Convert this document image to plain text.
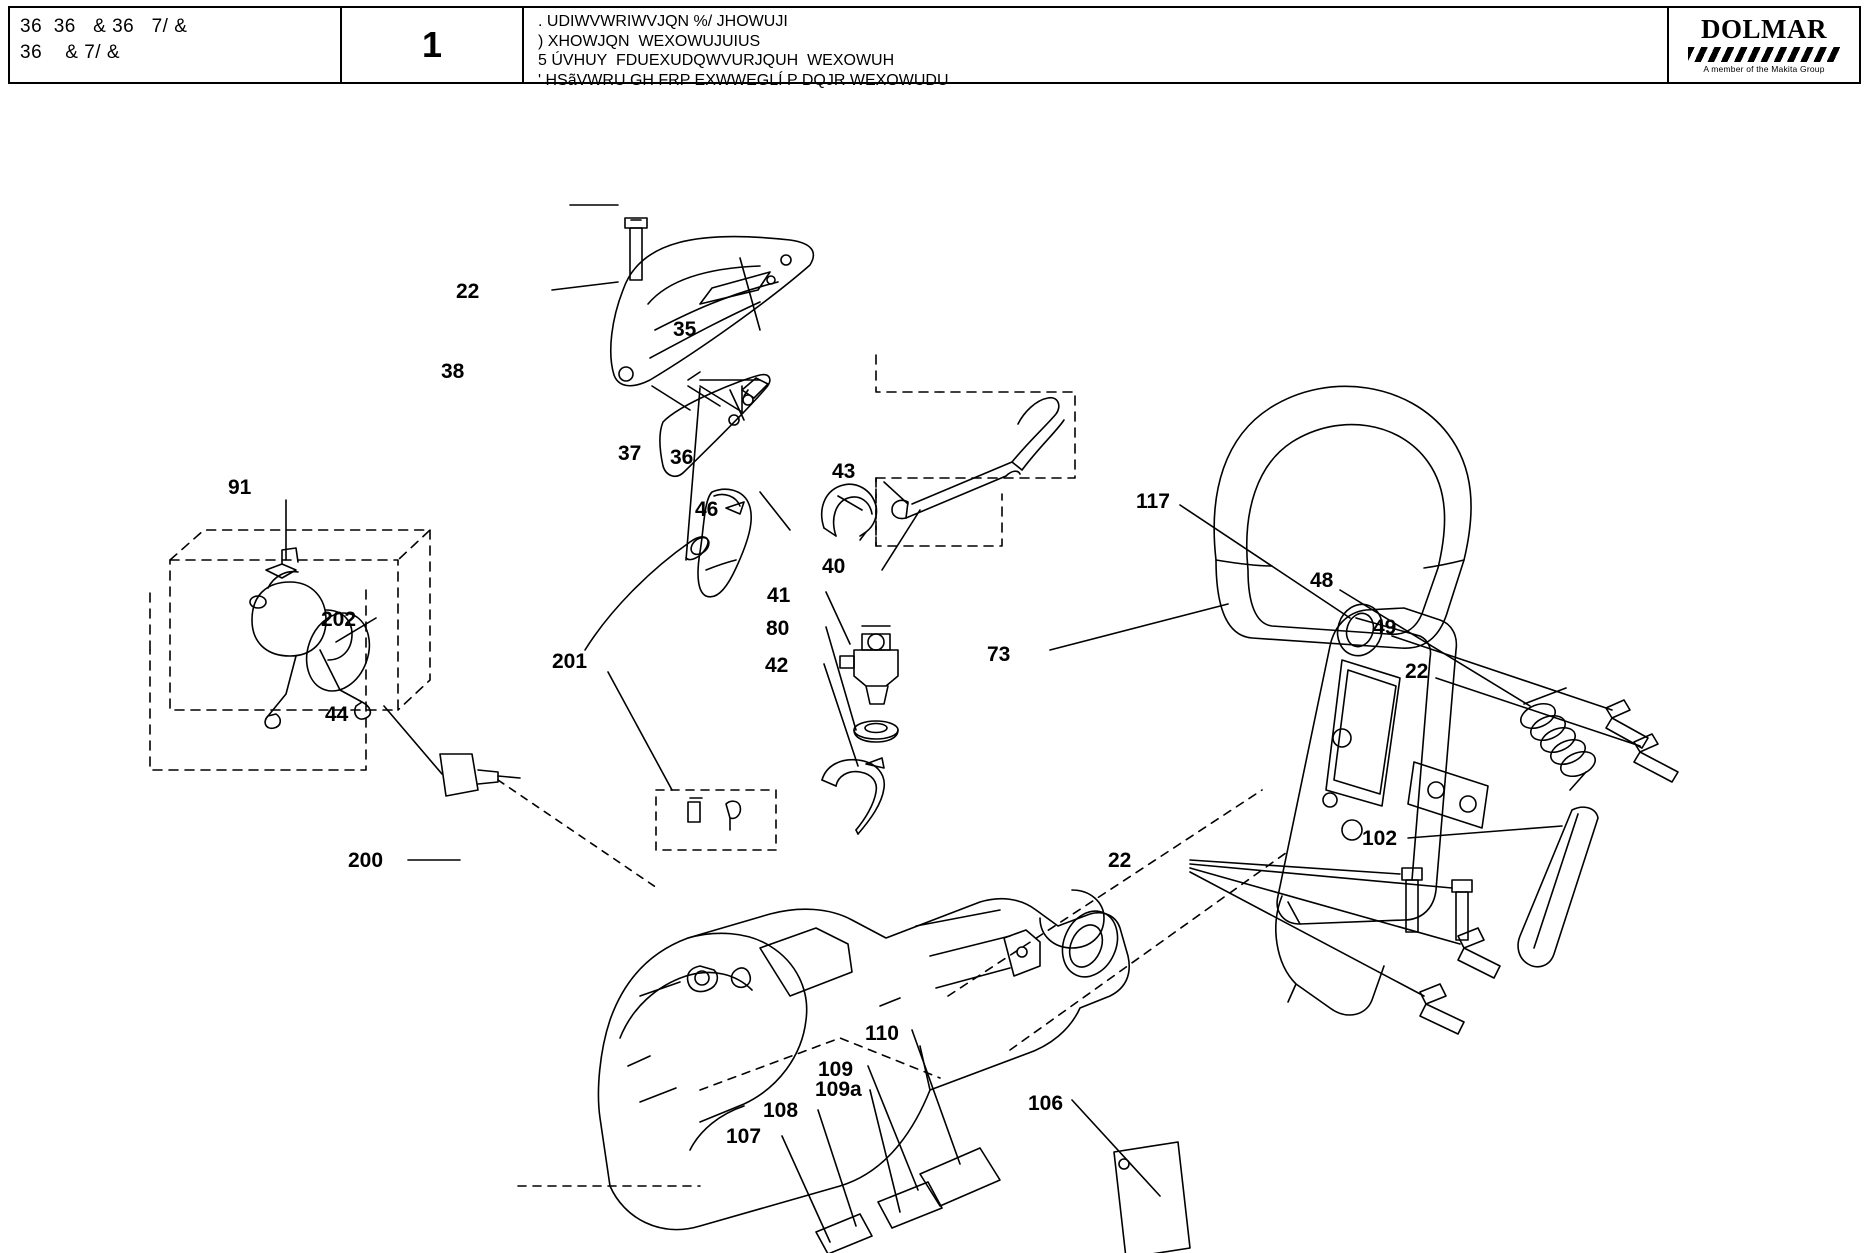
36  36   & 36   7/ &
36    & 7/ &	1
. UDIWVWRIWVJQN %/ JHOWUJI
) XHOWJQN  WEXOWUJUIUS
5 ÚVHUY  FDUEXUDQWVURJQUH  WEXOWUH
' HSãVWRU GH FRP EXWWEGLÍ P DQJR WEXOWUDU
DOLMAR
A member of the Makita Group
22
38
35
37 36
46
43
40
41
80
42
91
202
44
201
200
73
117
48
49
22
102
22
110
109
109a
108
107
106
